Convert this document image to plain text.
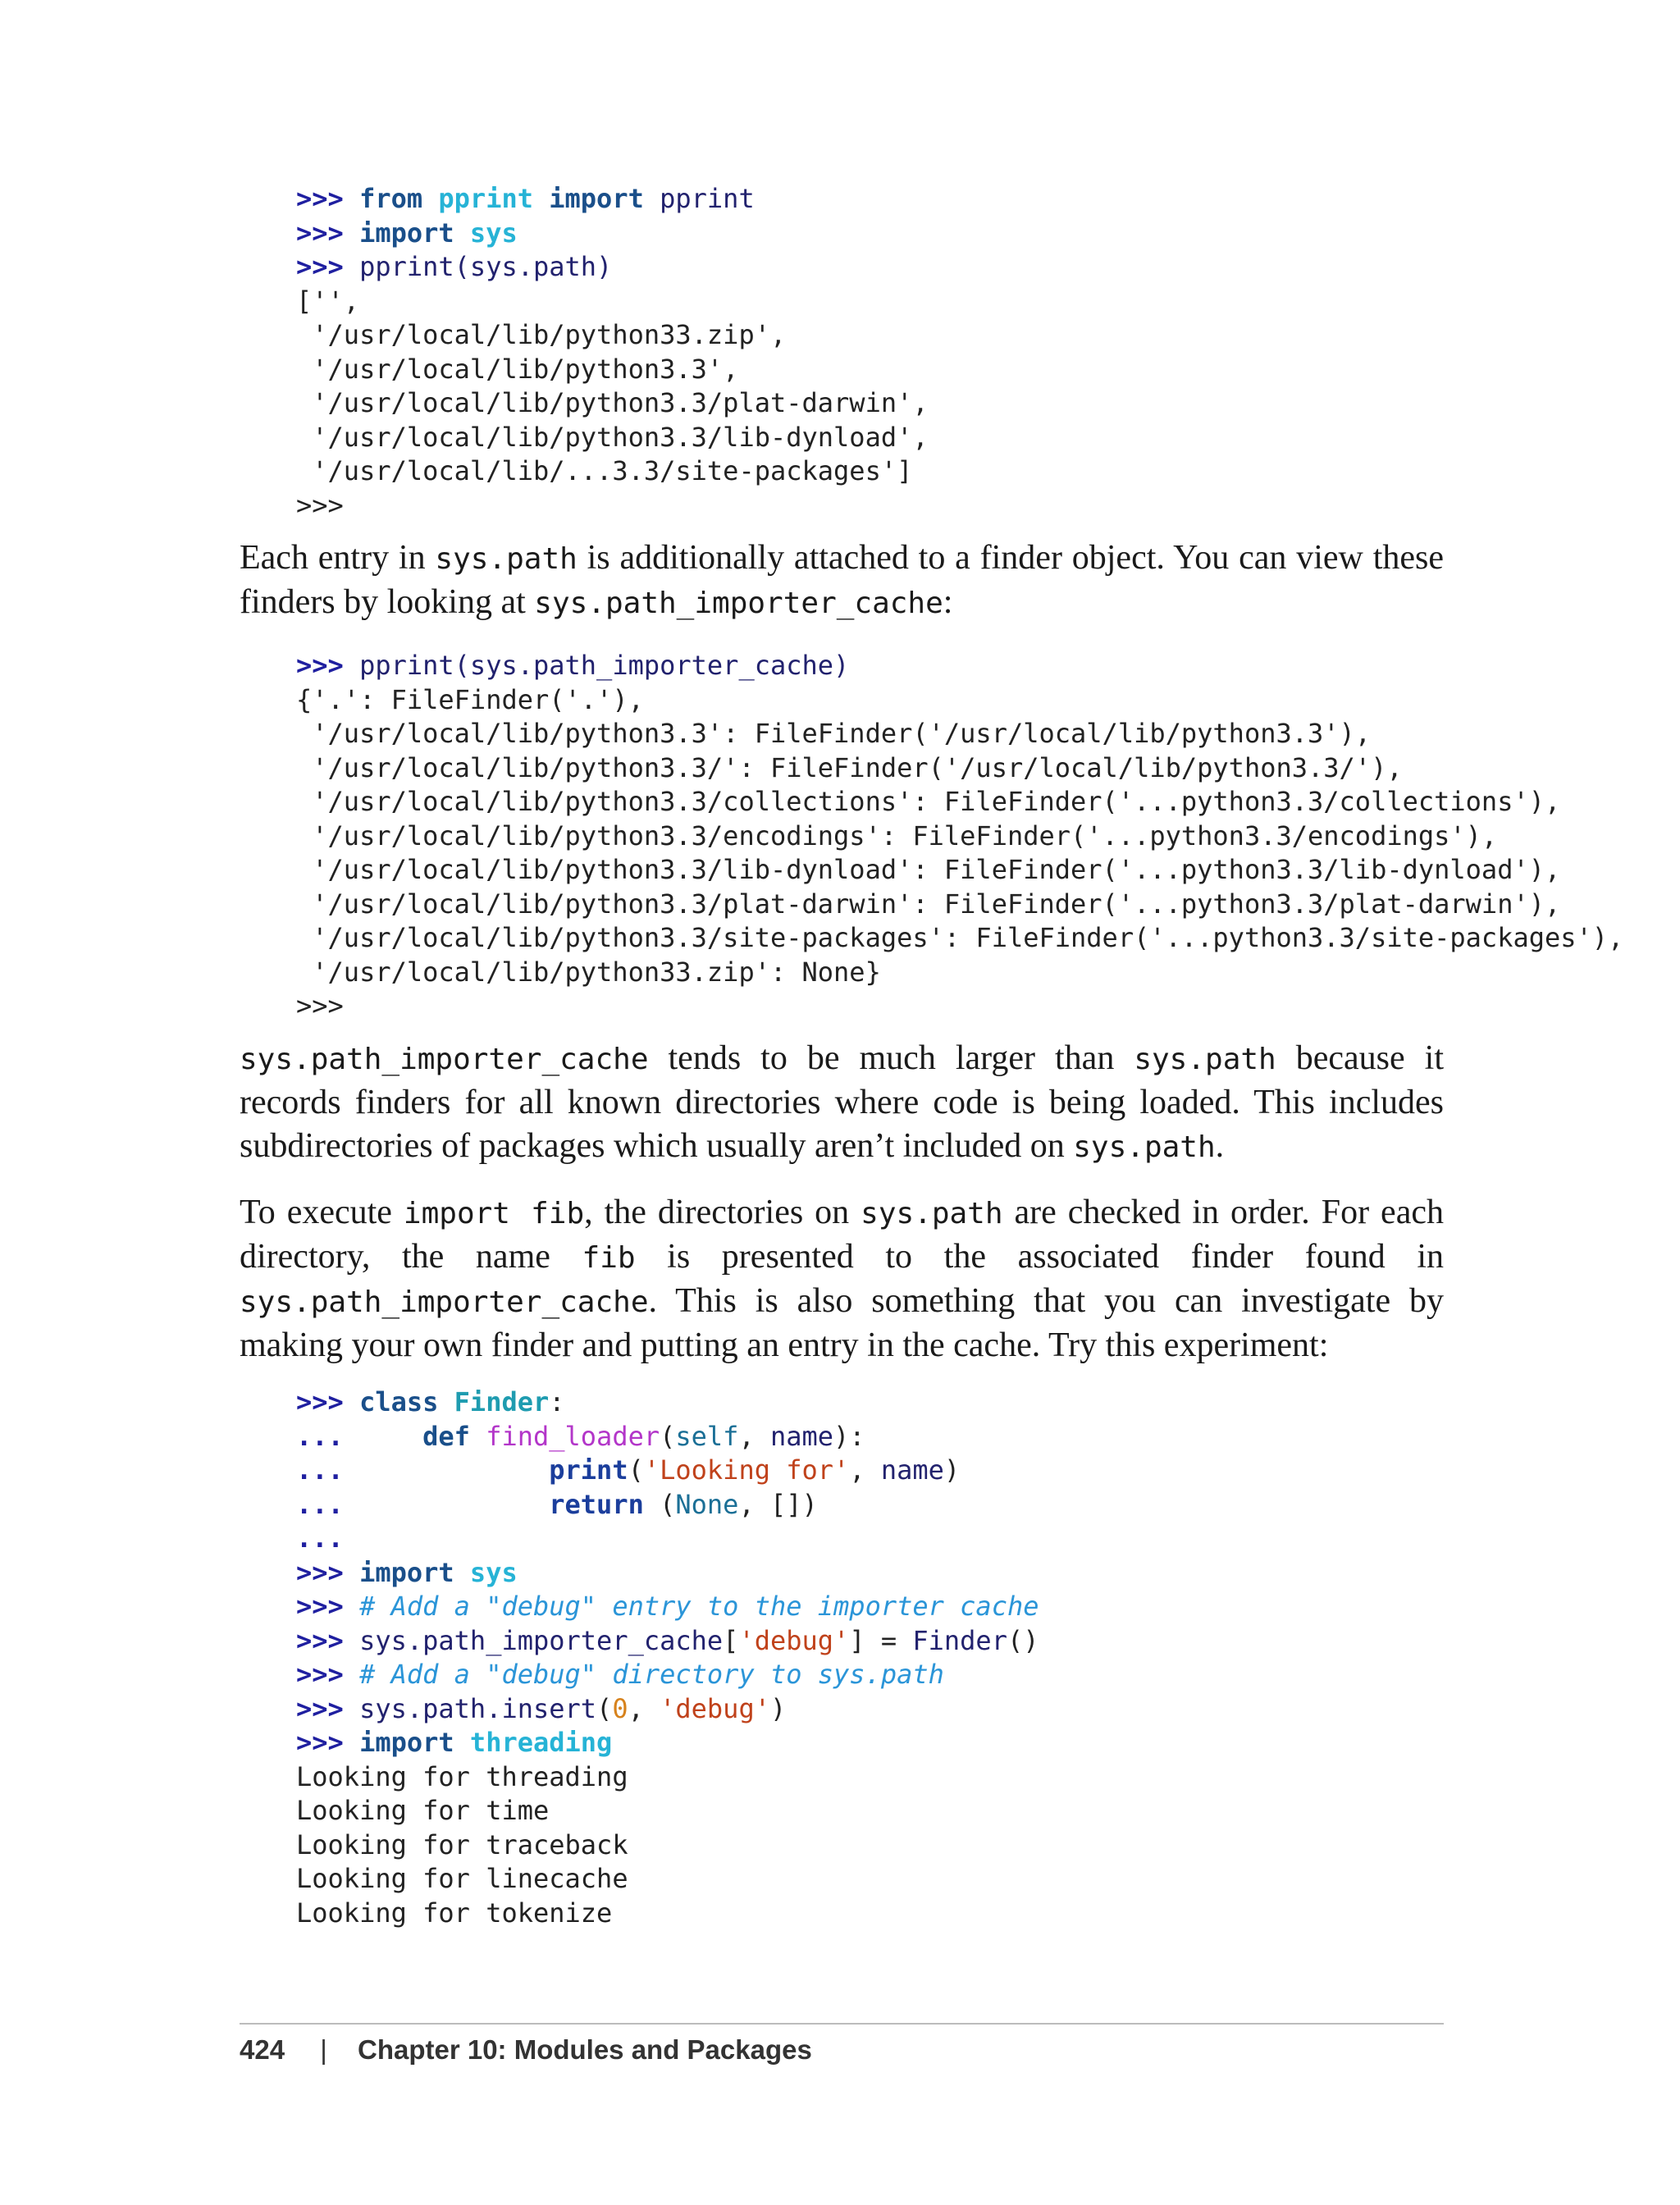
>>> from pprint import pprint
>>> import sys
>>> pprint(sys.path)
['',
'/usr/local/lib/python33.zip',
'/usr/local/lib/python3.3',
'/usr/local/lib/python3.3/plat-darwin',
'/usr/local/lib/python3.3/lib-dynload',
'/usr/local/lib/...3.3/site-packages']
>>>

Each entry in sys.path is additionally attached to a finder object. You can view these finders by looking at sys.path_importer_cache:

>>> pprint(sys.path_importer_cache)
{'.': FileFinder('.'),
'/usr/local/lib/python3.3': FileFinder('/usr/local/lib/python3.3'),
'/usr/local/lib/python3.3/': FileFinder('/usr/local/lib/python3.3/'),
'/usr/local/lib/python3.3/collections': FileFinder('...python3.3/collections'),
'/usr/local/lib/python3.3/encodings': FileFinder('...python3.3/encodings'),
'/usr/local/lib/python3.3/lib-dynload': FileFinder('...python3.3/lib-dynload'),
'/usr/local/lib/python3.3/plat-darwin': FileFinder('...python3.3/plat-darwin'),
'/usr/local/lib/python3.3/site-packages': FileFinder('...python3.3/site-packages'),
'/usr/local/lib/python33.zip': None}
>>>

sys.path_importer_cache tends to be much larger than sys.path because it records finders for all known directories where code is being loaded. This includes subdirectories of packages which usually aren’t included on sys.path.

To execute import fib, the directories on sys.path are checked in order. For each directory, the name fib is presented to the associated finder found in sys.path_importer_cache. This is also something that you can investigate by making your own finder and putting an entry in the cache. Try this experiment:

>>> class Finder:
...     def find_loader(self, name):
...             print('Looking for', name)
...             return (None, [])
...
>>> import sys
>>> # Add a "debug" entry to the importer cache
>>> sys.path_importer_cache['debug'] = Finder()
>>> # Add a "debug" directory to sys.path
>>> sys.path.insert(0, 'debug')
>>> import threading
Looking for threading
Looking for time
Looking for traceback
Looking for linecache
Looking for tokenize
424 | Chapter 10: Modules and Packages
